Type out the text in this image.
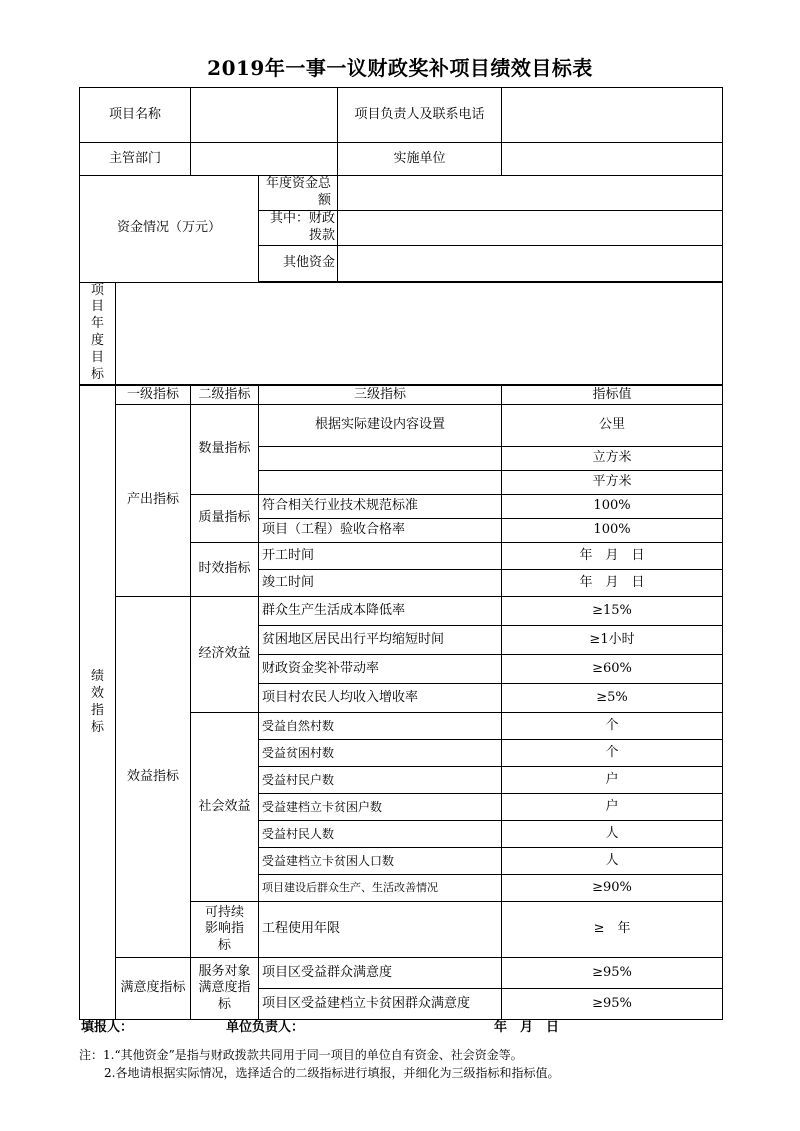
2019年一事一议财政奖补项目绩效目标表
项目名称				项目负责人及联系电话	
主管部门				实施单位	
资金情况（万元）			年度资金总额		
			其中：财政拨款		
			其他资金		
项目年度目标					
绩效指标	一级指标	二级指标	三级指标		指标值
	产出指标	数量指标	根据实际建设内容设置		公里
					立方米
					平方米
		质量指标	符合相关行业技术规范标准		100%
			项目（工程）验收合格率		100%
		时效指标	开工时间		年　月　日
			竣工时间		年　月　日
	效益指标	经济效益	群众生产生活成本降低率		≥15%
			贫困地区居民出行平均缩短时间		≥1小时
			财政资金奖补带动率		≥60%
			项目村农民人均收入增收率		≥5%
		社会效益	受益自然村数		个
			受益贫困村数		个
			受益村民户数		户
			受益建档立卡贫困户数		户
			受益村民人数		人
			受益建档立卡贫困人口数		人
			项目建设后群众生产、生活改善情况		≥90%
		可持续影响指标	工程使用年限		≥　年
	满意度指标	服务对象满意度指标	项目区受益群众满意度		≥95%
			项目区受益建档立卡贫困群众满意度		≥95%
填报人：	单位负责人：	年　月　日
注：1.“其他资金”是指与财政拨款共同用于同一项目的单位自有资金、社会资金等。
2.各地请根据实际情况，选择适合的二级指标进行填报，并细化为三级指标和指标值。
